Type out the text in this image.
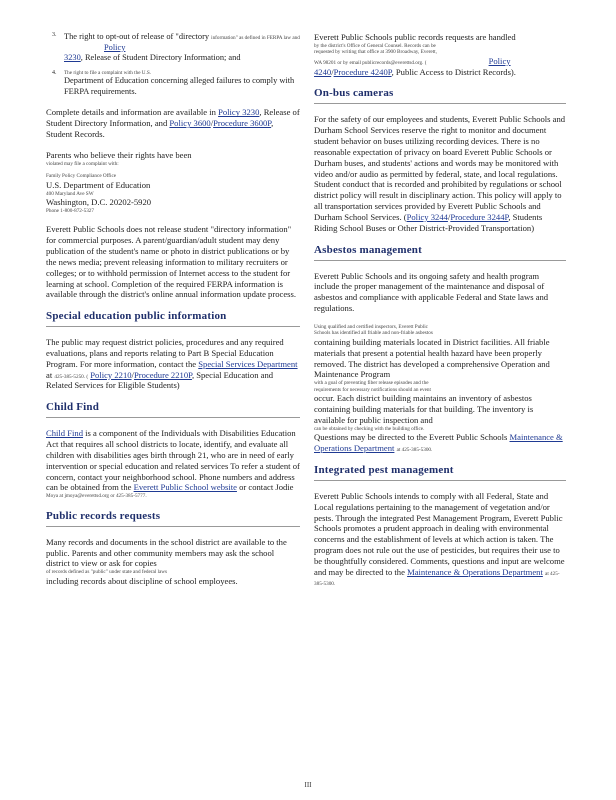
3. The right to opt-out of release of "directory information" as defined in FERPA law and Policy
3230, Release of Student Directory Information; and
4. The right to file a complaint with the U.S.
Department of Education concerning alleged failures to comply with FERPA requirements.

Complete details and information are available in Policy 3230, Release of Student Directory Information, and Policy 3600/Procedure 3600P, Student Records.

Parents who believe their rights have been
violated may file a complaint with:

Family Policy Compliance Office
U.S. Department of Education
400 Maryland Ave SW
Washington, D.C. 20202-5920
Phone 1-800-872-5327

Everett Public Schools does not release student "directory information" for commercial purposes. A parent/guardian/adult student may deny publication of the student's name or photo in district publications or by the news media; prevent releasing information to military recruiters or colleges; or to withhold permission of Internet access to the student for learning at school. Completion of the required FERPA information is available through the district's online annual information update process.

Special education public information

The public may request district policies, procedures and any required evaluations, plans and reports relating to Part B Special Education Program. For more information, contact the Special Services Department at 425-385-5250. ( Policy 2210/Procedure 2210P, Special Education and Related Services for Eligible Students)

Child Find

Child Find is a component of the Individuals with Disabilities Education Act that requires all school districts to locate, identify, and evaluate all children with disabilities ages birth through 21, who are in need of early intervention or special education and related services To refer a student of concern, contact your neighborhood school. Phone numbers and address can be obtained from the Everett Public School website or contact Jodie
Moya at jmoya@everettsd.org or 425-385-5777.

Public records requests

Many records and documents in the school district are available to the public. Parents and other community members may ask the school district to view or ask for copies
of records defined as "public" under state and federal laws
including records about discipline of school employees.

Everett Public Schools public records requests are handled
by the district's Office of General Counsel. Records can be
requested by writing that office at 3900 Broadway, Everett,
WA 98201 or by email publicrecords@everettsd.org. (	Policy
4240/Procedure 4240P, Public Access to District Records).

On-bus cameras

For the safety of our employees and students, Everett Public Schools and Durham School Services reserve the right to monitor and document student behavior on buses utilizing recording devices. There is no reasonable expectation of privacy on board Everett Public Schools or Durham buses, and students' actions and words may be monitored with video and/or audio as permitted by federal, state, and local regulations. Student conduct that is recorded and prohibited by regulations or school district policy will result in disciplinary action. This policy will apply to all transportation services provided by Everett Public Schools and Durham School Services. (Policy 3244/Procedure 3244P, Students Riding School Buses or Other District-Provided Transportation)

Asbestos management

Everett Public Schools and its ongoing safety and health program include the proper management of the maintenance and disposal of asbestos and compliance with applicable Federal and State laws and regulations.

Using qualified and certified inspectors, Everett Public
Schools has identified all friable and non-friable asbestos
containing building materials located in District facilities. All friable materials that present a potential health hazard have been properly removed. The district has developed a comprehensive Operation and Maintenance Program
with a goal of preventing fiber release episodes and the
requirements for necessary notifications should an event
occur. Each district building maintains an inventory of asbestos containing building materials for that building. The inventory is available for public inspection and
can be obtained by checking with the building office.
Questions may be directed to the Everett Public Schools Maintenance & Operations Department at 425-385-5300.

Integrated pest management

Everett Public Schools intends to comply with all Federal, State and Local regulations pertaining to the management of vegetation and/or pests. Through the integrated Pest Management Program, Everett Public Schools promotes a prudent approach in dealing with environmental concerns and the establishment of levels at which action is taken. The program does not rule out the use of pesticides, but requires their use to be thoughtfully considered. Comments, questions and input are welcome and may be directed to the Maintenance & Operations Department at 425-385-5300.

III
